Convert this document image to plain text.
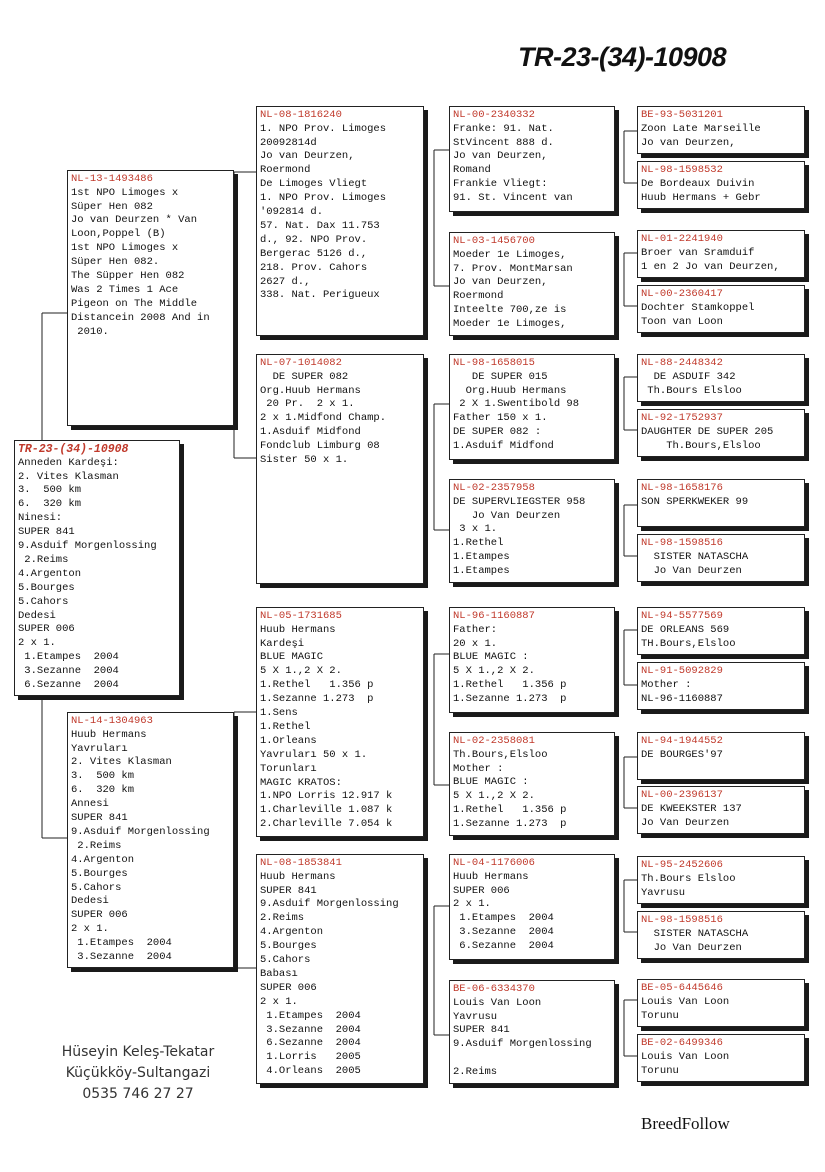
TR-23-(34)-10908
TR-23-(34)-10908
Anneden Kardeşi:
2. Vites Klasman
3.  500 km
6.  320 km
Ninesi:
SUPER 841
9.Asduif Morgenlossing
2.Reims
4.Argenton
5.Bourges
5.Cahors
Dedesi
SUPER 006
2 x 1.
1.Etampes  2004
3.Sezanne  2004
6.Sezanne  2004
NL-13-1493486
1st NPO Limoges x
Süper Hen 082
Jo van Deurzen * Van
Loon,Poppel (B)
1st NPO Limoges x
Süper Hen 082.
The Süpper Hen 082
Was 2 Times 1 Ace
Pigeon on The Middle
Distancein 2008 And in
2010.
NL-14-1304963
Huub Hermans
Yavruları
2. Vites Klasman
3.  500 km
6.  320 km
Annesi
SUPER 841
9.Asduif Morgenlossing
2.Reims
4.Argenton
5.Bourges
5.Cahors
Dedesi
SUPER 006
2 x 1.
1.Etampes  2004
3.Sezanne  2004
NL-08-1816240
1. NPO Prov. Limoges
20092814d
Jo van Deurzen,
Roermond
De Limoges Vliegt
1. NPO Prov. Limoges
'092814 d.
57. Nat. Dax 11.753
d., 92. NPO Prov.
Bergerac 5126 d.,
218. Prov. Cahors
2627 d.,
338. Nat. Perigueux
NL-07-1014082
DE SUPER 082
Org.Huub Hermans
20 Pr.  2 x 1.
2 x 1.Midfond Champ.
1.Asduif Midfond
Fondclub Limburg 08
Sister 50 x 1.
NL-05-1731685
Huub Hermans
Kardeşi
BLUE MAGIC
5 X 1.,2 X 2.
1.Rethel   1.356 p
1.Sezanne 1.273  p
1.Sens
1.Rethel
1.Orleans
Yavruları 50 x 1.
Torunları
MAGIC KRATOS:
1.NPO Lorris 12.917 k
1.Charleville 1.087 k
2.Charleville 7.054 k
NL-08-1853841
Huub Hermans
SUPER 841
9.Asduif Morgenlossing
2.Reims
4.Argenton
5.Bourges
5.Cahors
Babası
SUPER 006
2 x 1.
1.Etampes  2004
3.Sezanne  2004
6.Sezanne  2004
1.Lorris   2005
4.Orleans  2005
NL-00-2340332
Franke: 91. Nat.
StVincent 888 d.
Jo van Deurzen,
Romand
Frankie Vliegt:
91. St. Vincent van
NL-03-1456700
Moeder 1e Limoges,
7. Prov. MontMarsan
Jo van Deurzen,
Roermond
Inteelte 700,ze is
Moeder 1e Limoges,
NL-98-1658015
DE SUPER 015
Org.Huub Hermans
2 X 1.Swentibold 98
Father 150 x 1.
DE SUPER 082 :
1.Asduif Midfond
NL-02-2357958
DE SUPERVLIEGSTER 958
Jo Van Deurzen
3 x 1.
1.Rethel
1.Etampes
1.Etampes
NL-96-1160887
Father:
20 x 1.
BLUE MAGIC :
5 X 1.,2 X 2.
1.Rethel   1.356 p
1.Sezanne 1.273  p
NL-02-2358081
Th.Bours,Elsloo
Mother :
BLUE MAGIC :
5 X 1.,2 X 2.
1.Rethel   1.356 p
1.Sezanne 1.273  p
NL-04-1176006
Huub Hermans
SUPER 006
2 x 1.
1.Etampes  2004
3.Sezanne  2004
6.Sezanne  2004
BE-06-6334370
Louis Van Loon
Yavrusu
SUPER 841
9.Asduif Morgenlossing

2.Reims
BE-93-5031201
Zoon Late Marseille
Jo van Deurzen,
NL-98-1598532
De Bordeaux Duivin
Huub Hermans + Gebr
NL-01-2241940
Broer van Sramduif
1 en 2 Jo van Deurzen,
NL-00-2360417
Dochter Stamkoppel
Toon van Loon
NL-88-2448342
DE ASDUIF 342
Th.Bours Elsloo
NL-92-1752937
DAUGHTER DE SUPER 205
Th.Bours,Elsloo
NL-98-1658176
SON SPERKWEKER 99
NL-98-1598516
SISTER NATASCHA
Jo Van Deurzen
NL-94-5577569
DE ORLEANS 569
TH.Bours,Elsloo
NL-91-5092829
Mother :
NL-96-1160887
NL-94-1944552
DE BOURGES'97
NL-00-2396137
DE KWEEKSTER 137
Jo Van Deurzen
NL-95-2452606
Th.Bours Elsloo
Yavrusu
NL-98-1598516
SISTER NATASCHA
Jo Van Deurzen
BE-05-6445646
Louis Van Loon
Torunu
BE-02-6499346
Louis Van Loon
Torunu
Hüseyin Keleş-Tekatar
Küçükköy-Sultangazi
0535 746 27 27
BreedFollow
